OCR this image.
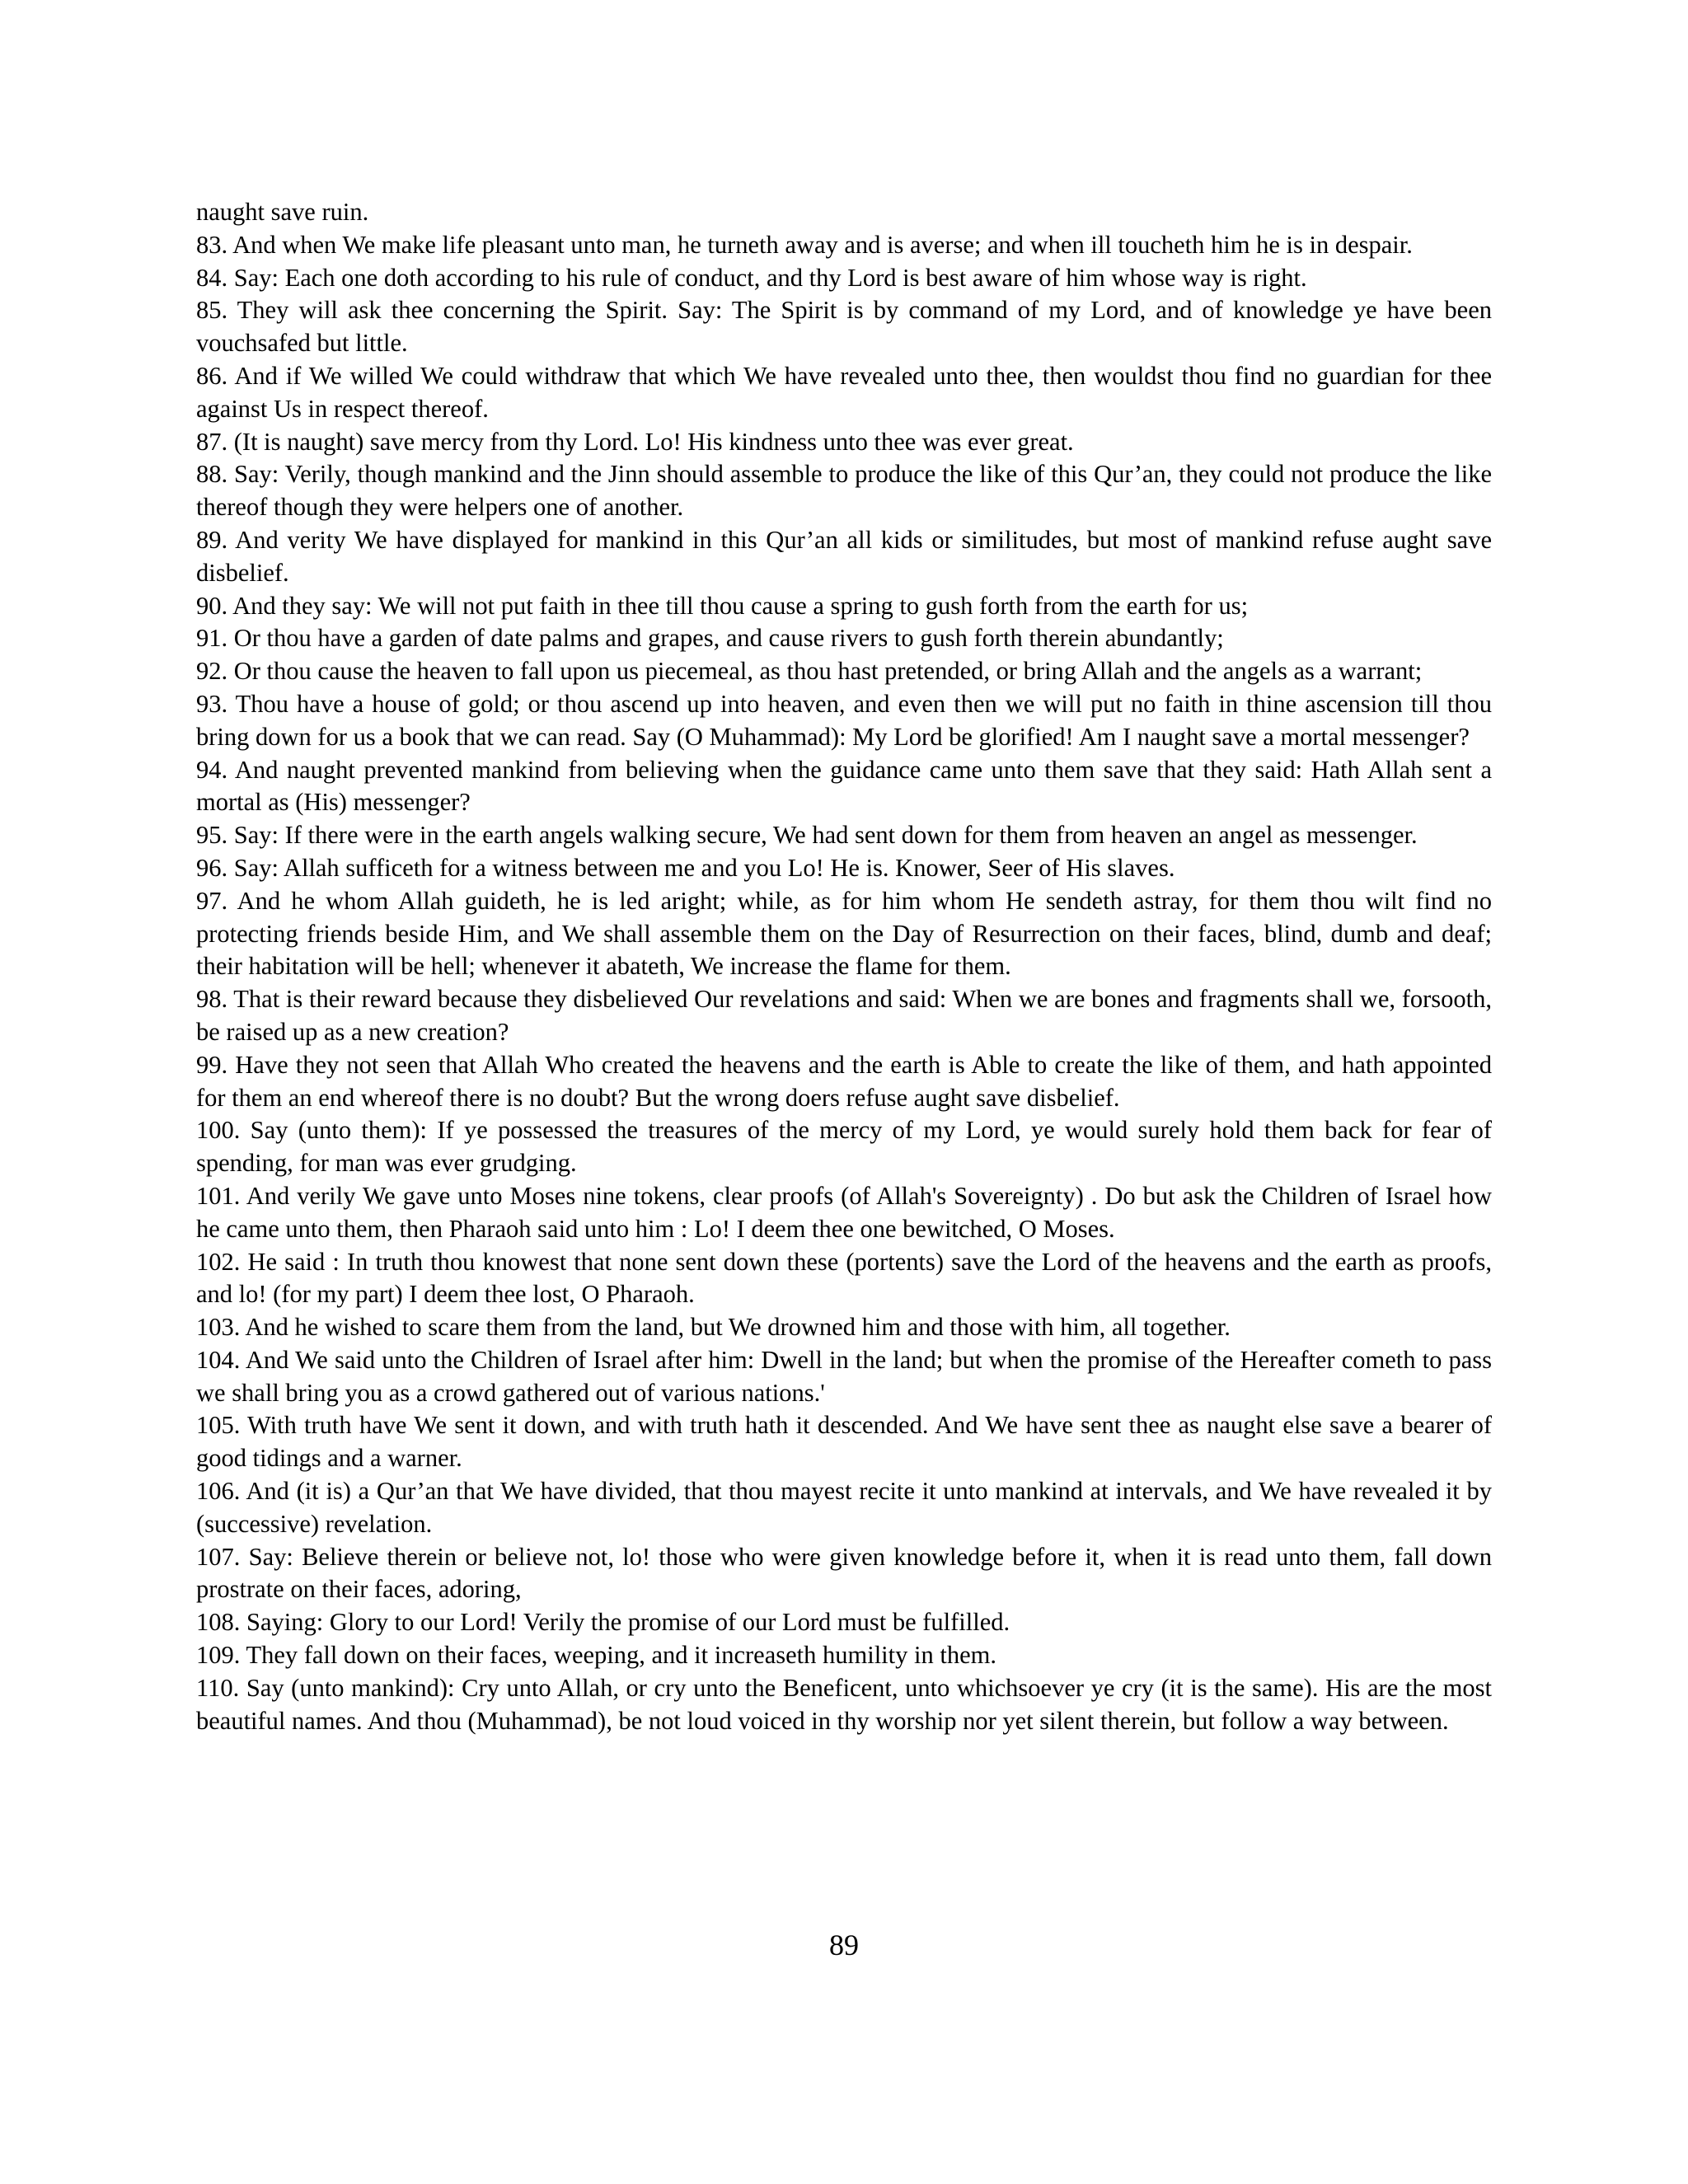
naught save ruin.

83. And when We make life pleasant unto man, he turneth away and is averse; and when ill toucheth him he is in despair.

84. Say: Each one doth according to his rule of conduct, and thy Lord is best aware of him whose way is right.

85. They will ask thee concerning the Spirit. Say: The Spirit is by command of my Lord, and of knowledge ye have been vouchsafed but little.

86. And if We willed We could withdraw that which We have revealed unto thee, then wouldst thou find no guardian for thee against Us in respect thereof.

87. (It is naught) save mercy from thy Lord. Lo! His kindness unto thee was ever great.

88. Say: Verily, though mankind and the Jinn should assemble to produce the like of this Qur’an, they could not produce the like thereof though they were helpers one of another.

89. And verity We have displayed for mankind in this Qur’an all kids or similitudes, but most of mankind refuse aught save disbelief.

90. And they say: We will not put faith in thee till thou cause a spring to gush forth from the earth for us;

91. Or thou have a garden of date palms and grapes, and cause rivers to gush forth therein abundantly;

92. Or thou cause the heaven to fall upon us piecemeal, as thou hast pretended, or bring Allah and the angels as a warrant;

93. Thou have a house of gold; or thou ascend up into heaven, and even then we will put no faith in thine ascension till thou bring down for us a book that we can read. Say (O Muhammad): My Lord be glorified! Am I naught save a mortal messenger?

94. And naught prevented mankind from believing when the guidance came unto them save that they said: Hath Allah sent a mortal as (His) messenger?

95. Say: If there were in the earth angels walking secure, We had sent down for them from heaven an angel as messenger.

96. Say: Allah sufficeth for a witness between me and you Lo! He is. Knower, Seer of His slaves.

97. And he whom Allah guideth, he is led aright; while, as for him whom He sendeth astray, for them thou wilt find no protecting friends beside Him, and We shall assemble them on the Day of Resurrection on their faces, blind, dumb and deaf; their habitation will be hell; whenever it abateth, We increase the flame for them.

98. That is their reward because they disbelieved Our revelations and said: When we are bones and fragments shall we, forsooth, be raised up as a new creation?

99. Have they not seen that Allah Who created the heavens and the earth is Able to create the like of them, and hath appointed for them an end whereof there is no doubt? But the wrong doers refuse aught save disbelief.

100. Say (unto them): If ye possessed the treasures of the mercy of my Lord, ye would surely hold them back for fear of spending, for man was ever grudging.

101. And verily We gave unto Moses nine tokens, clear proofs (of Allah's Sovereignty) . Do but ask the Children of Israel how he came unto them, then Pharaoh said unto him : Lo! I deem thee one bewitched, O Moses.

102. He said : In truth thou knowest that none sent down these (portents) save the Lord of the heavens and the earth as proofs, and lo! (for my part) I deem thee lost, O Pharaoh.

103. And he wished to scare them from the land, but We drowned him and those with him, all together.

104. And We said unto the Children of Israel after him: Dwell in the land; but when the promise of the Hereafter cometh to pass we shall bring you as a crowd gathered out of various nations.'

105. With truth have We sent it down, and with truth hath it descended. And We have sent thee as naught else save a bearer of good tidings and a warner.

106. And (it is) a Qur’an that We have divided, that thou mayest recite it unto mankind at intervals, and We have revealed it by (successive) revelation.

107. Say: Believe therein or believe not, lo! those who were given knowledge before it, when it is read unto them, fall down prostrate on their faces, adoring,

108. Saying: Glory to our Lord! Verily the promise of our Lord must be fulfilled.

109. They fall down on their faces, weeping, and it increaseth humility in them.

110. Say (unto mankind): Cry unto Allah, or cry unto the Beneficent, unto whichsoever ye cry (it is the same). His are the most beautiful names. And thou (Muhammad), be not loud voiced in thy worship nor yet silent therein, but follow a way between.

89
